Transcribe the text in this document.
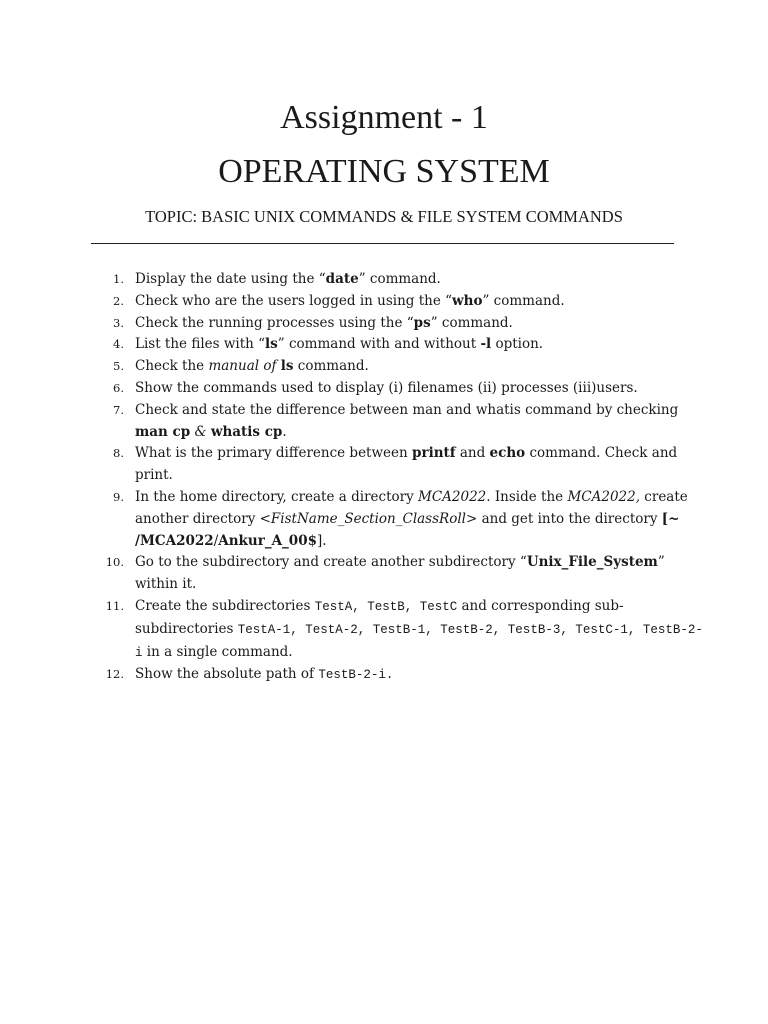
Assignment - 1
OPERATING SYSTEM
TOPIC: BASIC UNIX COMMANDS & FILE SYSTEM COMMANDS
1. Display the date using the “date” command.
2. Check who are the users logged in using the “who” command.
3. Check the running processes using the “ps” command.
4. List the files with “ls” command with and without -l option.
5. Check the manual of ls command.
6. Show the commands used to display (i) filenames (ii) processes (iii)users.
7. Check and state the difference between man and whatis command by checking man cp & whatis cp.
8. What is the primary difference between printf and echo command. Check and print.
9. In the home directory, create a directory MCA2022. Inside the MCA2022, create another directory <FistName_Section_ClassRoll> and get into the directory [~ /MCA2022/Ankur_A_00$].
10. Go to the subdirectory and create another subdirectory “Unix_File_System” within it.
11. Create the subdirectories TestA, TestB, TestC and corresponding sub-subdirectories TestA-1, TestA-2, TestB-1, TestB-2, TestB-3, TestC-1, TestB-2-i in a single command.
12. Show the absolute path of TestB-2-i.
